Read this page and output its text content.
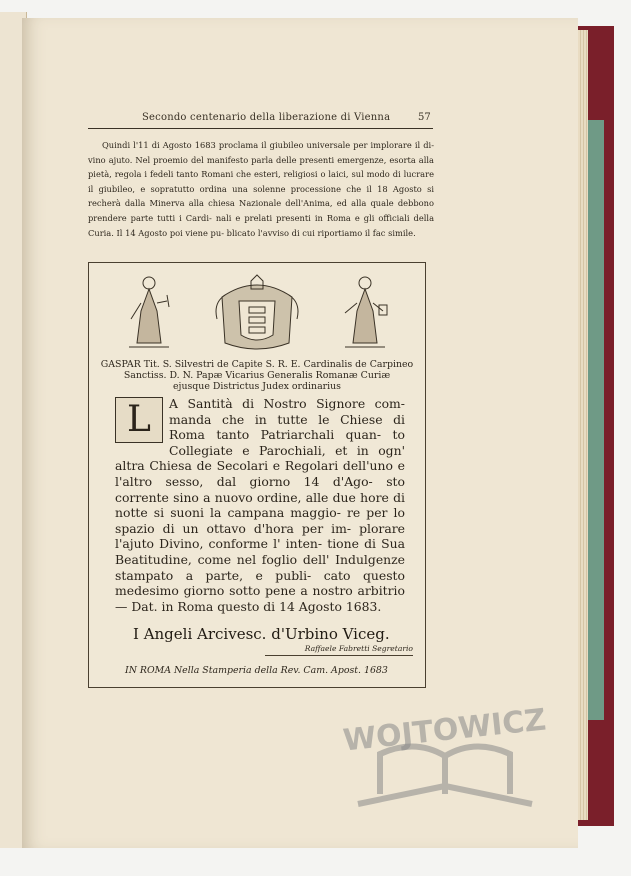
Secondo centenario della liberazione di Vienna	57

Quindi l'11 di Agosto 1683 proclama il giubileo universale per implorare il di- vino ajuto. Nel proemio del manifesto parla delle presenti emergenze, esorta alla pietà, regola i fedeli tanto Romani che esteri, religiosi o laici, sul modo di lucrare il giubileo, e sopratutto ordina una solenne processione che il 18 Agosto si recherà dalla Minerva alla chiesa Nazionale dell'Anima, ed alla quale debbono prendere parte tutti i Cardi- nali e prelati presenti in Roma e gli officiali della Curia. Il 14 Agosto poi viene pu- blicato l'avviso di cui riportiamo il fac simile.

GASPAR Tit. S. Silvestri de Capite S. R. E. Cardinalis de Carpineo
Sanctiss. D. N. Papæ Vicarius Generalis Romanæ Curiæ
ejusque Districtus Judex ordinarius
L	A Santità di Nostro Signore com- manda che in tutte le Chiese di Roma tanto Patriarchali quan- to Collegiate e Parochiali, et in ogn' altra Chiesa de Secolari e Regolari dell'uno e l'altro sesso, dal giorno 14 d'Ago- sto corrente sino a nuovo ordine, alle due hore di notte si suoni la campana maggio- re per lo spazio di un ottavo d'hora per im- plorare l'ajuto Divino, conforme l' inten- tione di Sua Beatitudine, come nel foglio dell' Indulgenze stampato a parte, e publi- cato questo medesimo giorno sotto pene a nostro arbitrio — Dat. in Roma questo di 14 Agosto 1683.
I Angeli Arcivesc. d'Urbino Viceg.
Raffaele Fabretti Segretario
IN ROMA Nella Stamperia della Rev. Cam. Apost. 1683
WOJTOWICZ
